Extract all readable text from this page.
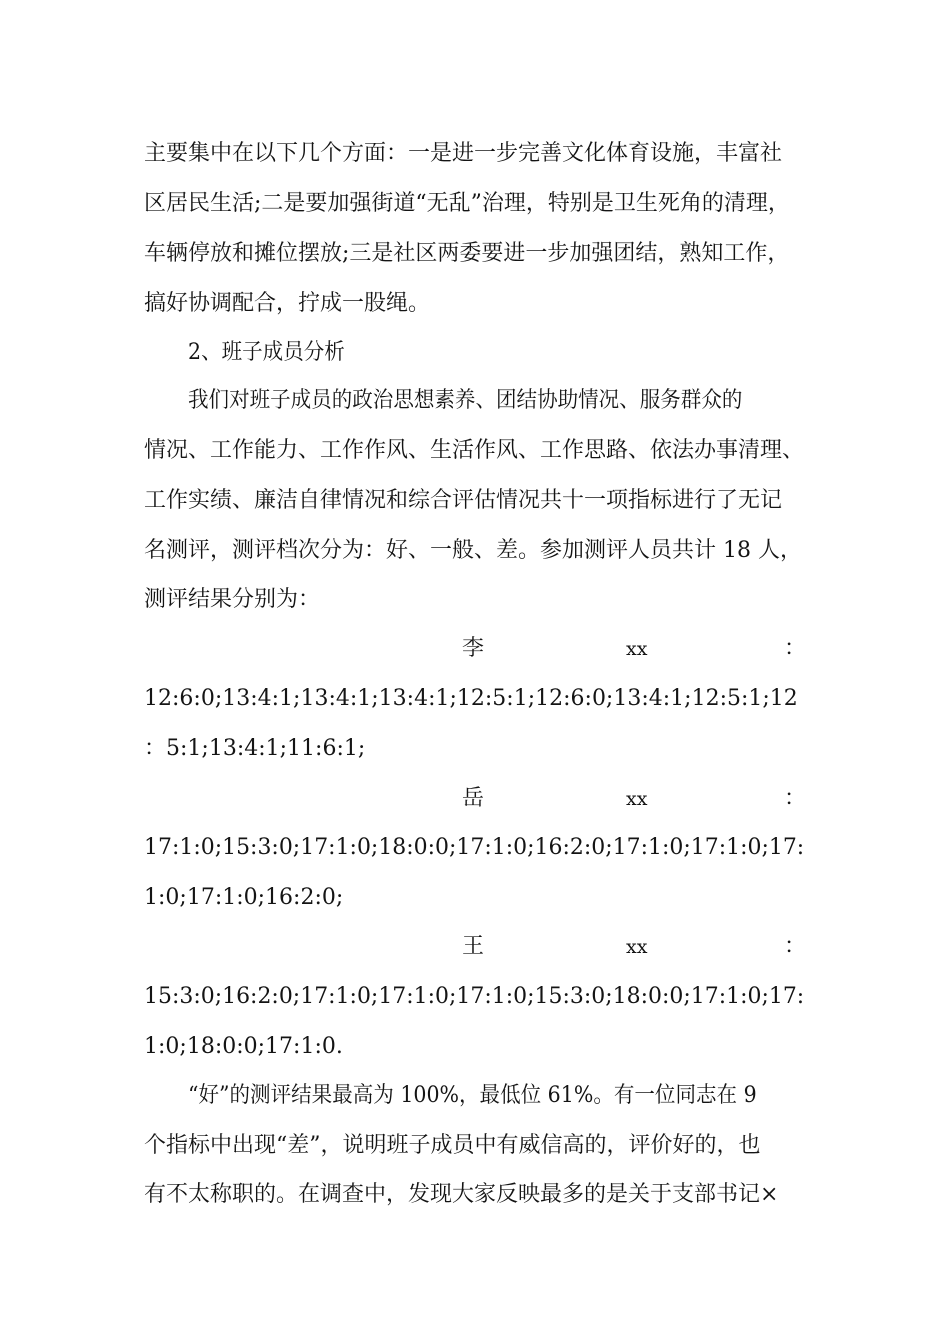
主要集中在以下几个方面：一是进一步完善文化体育设施，丰富社
区居民生活;二是要加强街道“无乱”治理，特别是卫生死角的清理，
车辆停放和摊位摆放;三是社区两委要进一步加强团结，熟知工作，
搞好协调配合，拧成一股绳。
2、班子成员分析
我们对班子成员的政治思想素养、团结协助情况、服务群众的
情况、工作能力、工作作风、生活作风、工作思路、依法办事清理、
工作实绩、廉洁自律情况和综合评估情况共十一项指标进行了无记
名测评，测评档次分为：好、一般、差。参加测评人员共计 18 人，
测评结果分别为：
李	xx	：
12:6:0;13:4:1;13:4:1;13:4:1;12:5:1;12:6:0;13:4:1;12:5:1;12
：5:1;13:4:1;11:6:1;
岳	xx	：
17:1:0;15:3:0;17:1:0;18:0:0;17:1:0;16:2:0;17:1:0;17:1:0;17:
1:0;17:1:0;16:2:0;
王	xx	：
15:3:0;16:2:0;17:1:0;17:1:0;17:1:0;15:3:0;18:0:0;17:1:0;17:
1:0;18:0:0;17:1:0.
“好”的测评结果最高为 100%，最低位 61%。有一位同志在 9
个指标中出现“差”，说明班子成员中有威信高的，评价好的，也
有不太称职的。在调查中，发现大家反映最多的是关于支部书记×
